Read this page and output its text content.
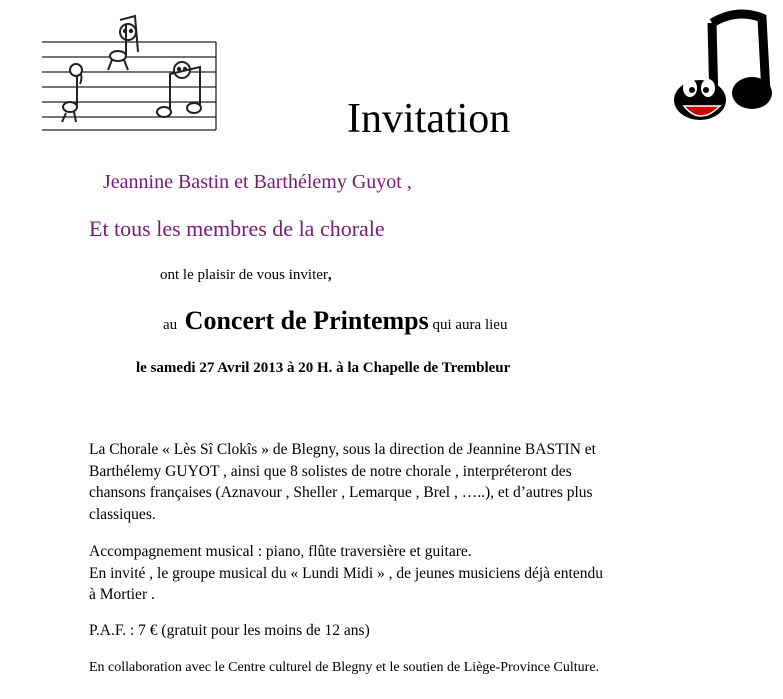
Invitation
Jeannine Bastin et Barthélemy Guyot ,
Et tous les membres de la chorale
ont le plaisir de vous inviter,
au Concert de Printemps qui aura lieu
le samedi 27 Avril 2013 à 20 H. à la Chapelle de Trembleur
La Chorale « Lès Sî Clokîs » de Blegny, sous la direction de Jeannine BASTIN et
Barthélemy GUYOT , ainsi que 8 solistes de notre chorale , interpréteront des
chansons françaises (Aznavour , Sheller , Lemarque , Brel , …..), et d’autres plus
classiques.
Accompagnement musical : piano, flûte traversière et guitare.
En invité , le groupe musical du « Lundi Midi » , de jeunes musiciens déjà entendu
à Mortier .
P.A.F. : 7 € (gratuit pour les moins de 12 ans)
En collaboration avec le Centre culturel de Blegny et le soutien de Liège-Province Culture.
